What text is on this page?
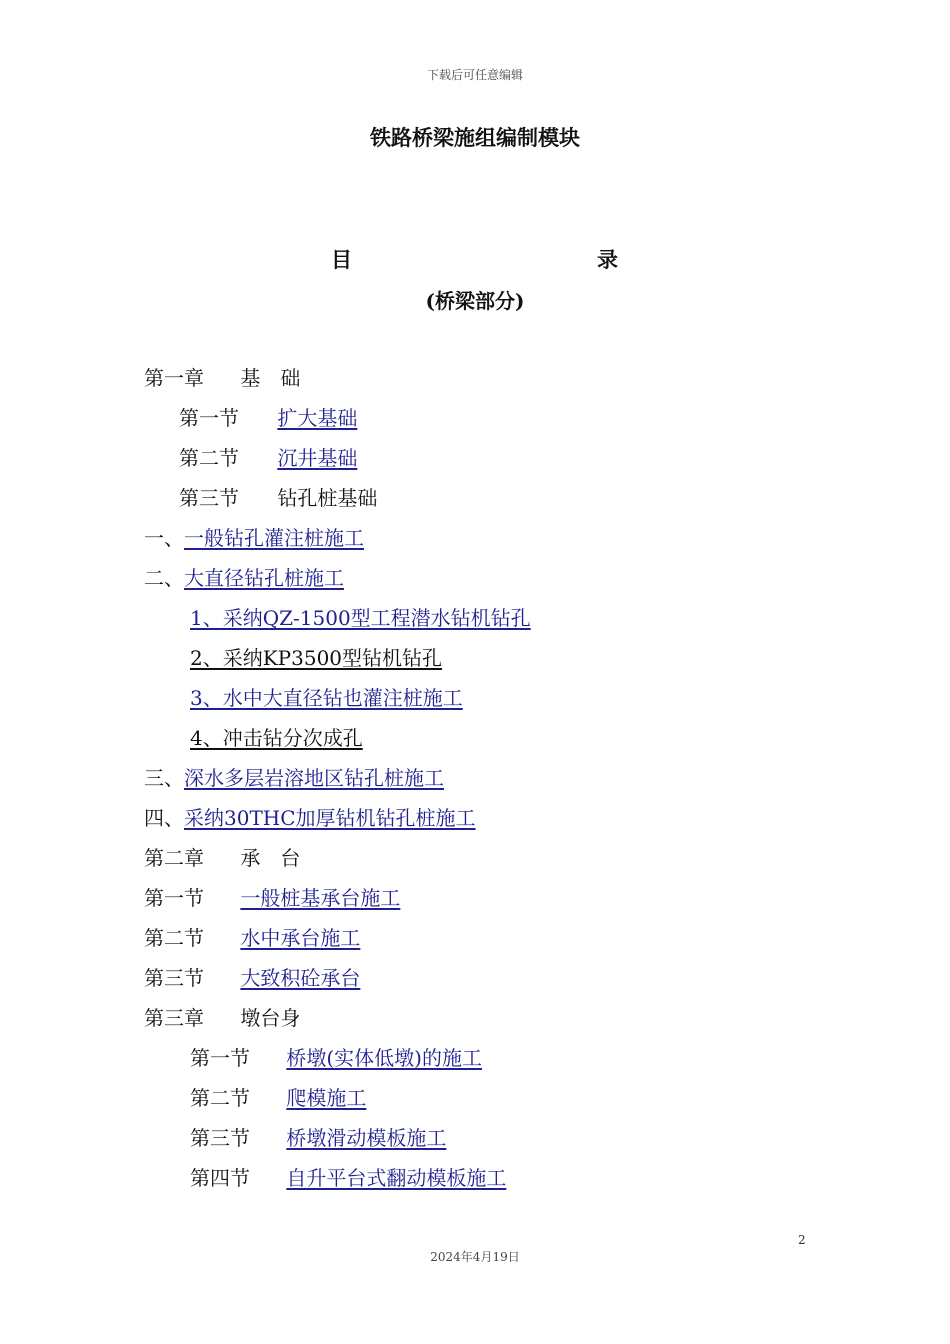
下载后可任意编辑
铁路桥梁施组编制模块
目	录
(桥梁部分)
第一章 基　础
第一节 扩大基础
第二节 沉井基础
第三节 钻孔桩基础
一、一般钻孔灌注桩施工
二、大直径钻孔桩施工
1、采纳QZ-1500型工程潜水钻机钻孔
2、采纳KP3500型钻机钻孔
3、水中大直径钻也灌注桩施工
4、冲击钻分次成孔
三、深水多层岩溶地区钻孔桩施工
四、采纳30THC加厚钻机钻孔桩施工
第二章 承　台
第一节 一般桩基承台施工
第二节 水中承台施工
第三节 大致积砼承台
第三章 墩台身
第一节 桥墩(实体低墩)的施工
第二节 爬模施工
第三节 桥墩滑动模板施工
第四节 自升平台式翻动模板施工
2
2024年4月19日
